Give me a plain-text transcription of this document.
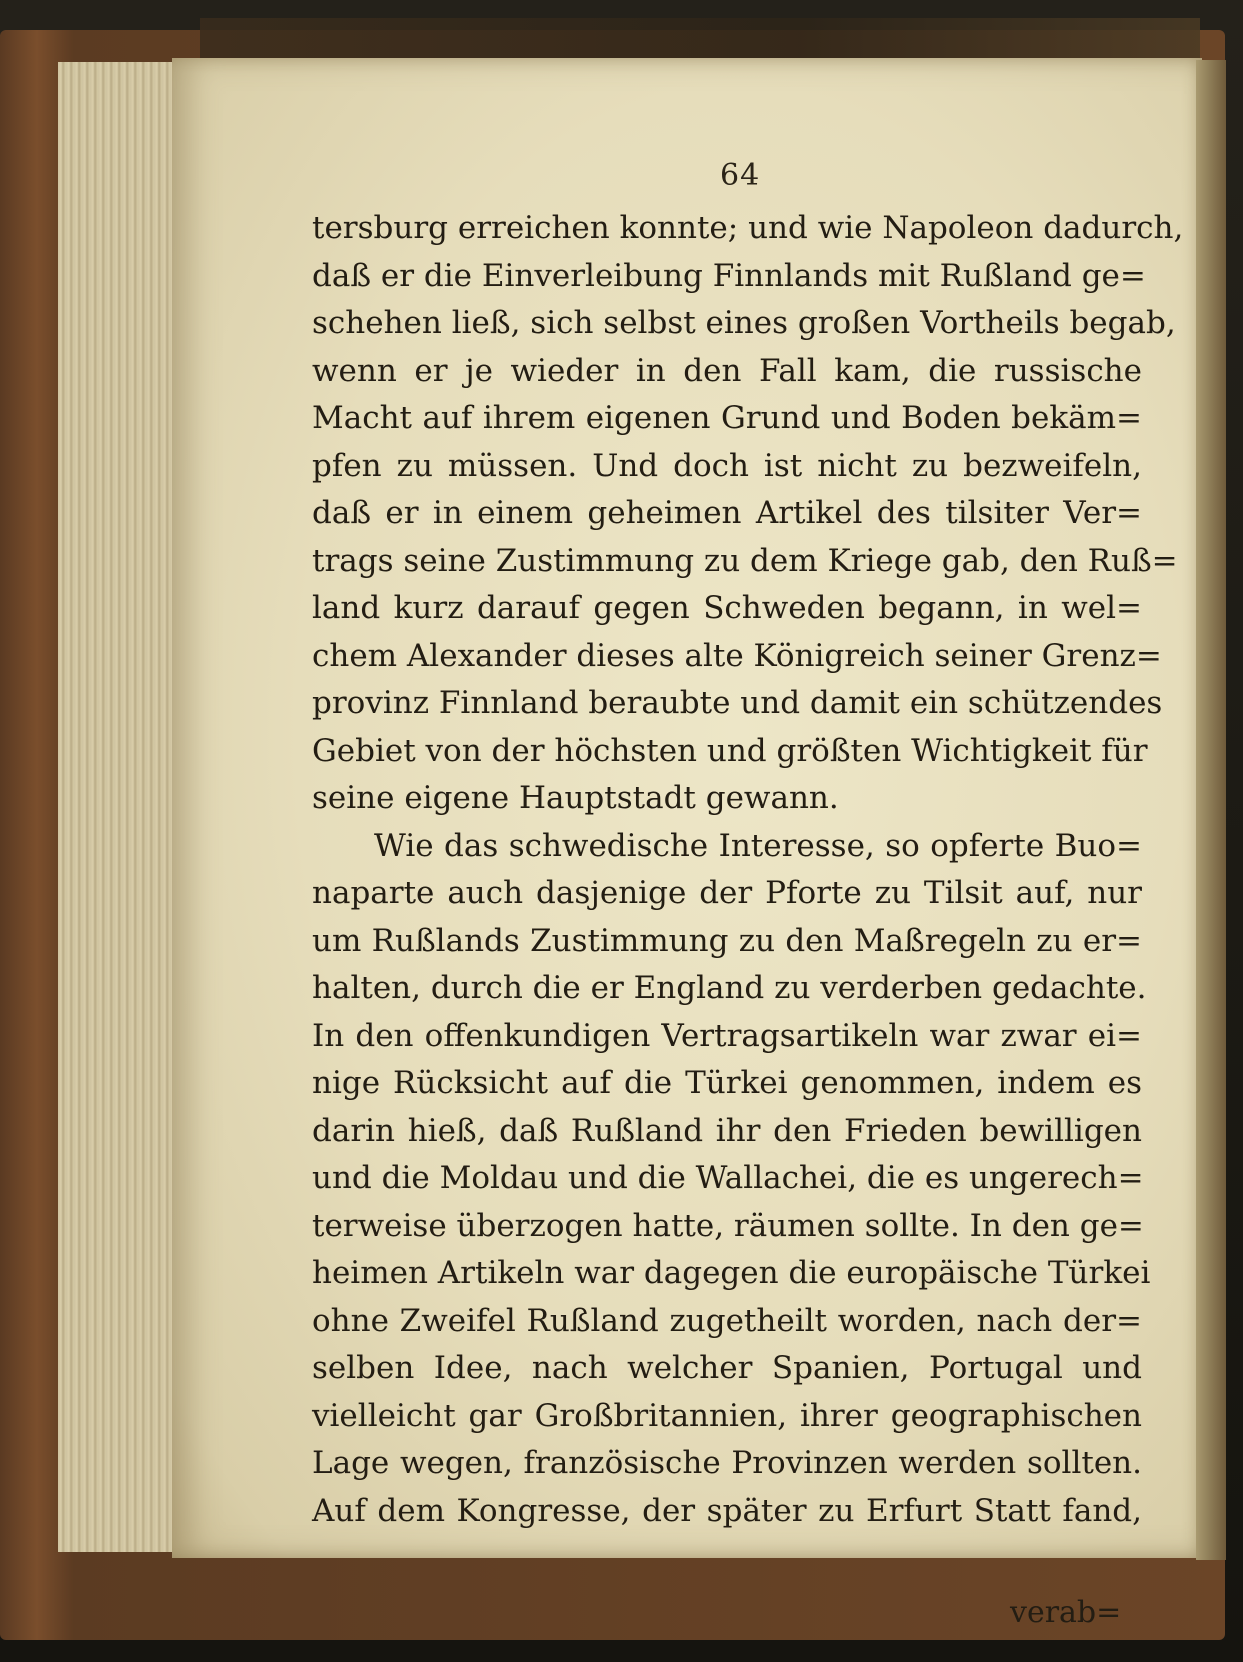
64
tersburg erreichen konnte; und wie Napoleon dadurch,
daß er die Einverleibung Finnlands mit Rußland ge=
schehen ließ, sich selbst eines großen Vortheils begab,
wenn er je wieder in den Fall kam, die russische
Macht auf ihrem eigenen Grund und Boden bekäm=
pfen zu müssen. Und doch ist nicht zu bezweifeln,
daß er in einem geheimen Artikel des tilsiter Ver=
trags seine Zustimmung zu dem Kriege gab, den Ruß=
land kurz darauf gegen Schweden begann, in wel=
chem Alexander dieses alte Königreich seiner Grenz=
provinz Finnland beraubte und damit ein schützendes
Gebiet von der höchsten und größten Wichtigkeit für
seine eigene Hauptstadt gewann.
Wie das schwedische Interesse, so opferte Buo=
naparte auch dasjenige der Pforte zu Tilsit auf, nur
um Rußlands Zustimmung zu den Maßregeln zu er=
halten, durch die er England zu verderben gedachte.
In den offenkundigen Vertragsartikeln war zwar ei=
nige Rücksicht auf die Türkei genommen, indem es
darin hieß, daß Rußland ihr den Frieden bewilligen
und die Moldau und die Wallachei, die es ungerech=
terweise überzogen hatte, räumen sollte. In den ge=
heimen Artikeln war dagegen die europäische Türkei
ohne Zweifel Rußland zugetheilt worden, nach der=
selben Idee, nach welcher Spanien, Portugal und
vielleicht gar Großbritannien, ihrer geographischen
Lage wegen, französische Provinzen werden sollten.
Auf dem Kongresse, der später zu Erfurt Statt fand,
verab=
